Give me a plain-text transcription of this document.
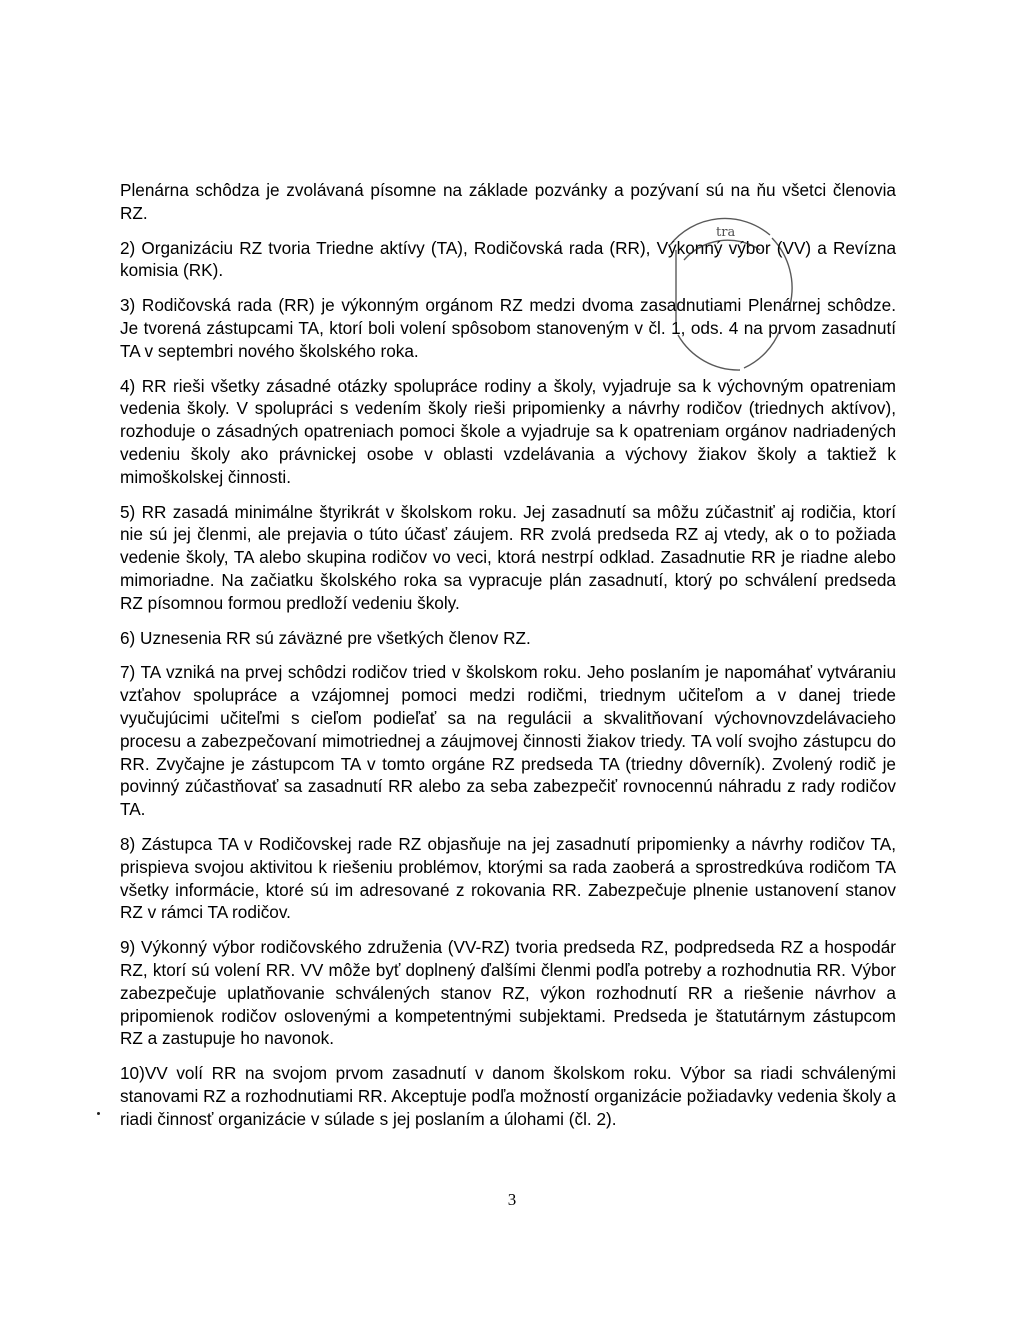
Plenárna schôdza je zvolávaná písomne na základe pozvánky a pozývaní sú na ňu všetci členovia RZ.

2) Organizáciu RZ tvoria Triedne aktívy (TA), Rodičovská rada (RR), Výkonný výbor (VV) a Revízna komisia (RK).

3) Rodičovská rada (RR) je výkonným orgánom RZ medzi dvoma zasadnutiami Plenárnej schôdze. Je tvorená zástupcami TA, ktorí boli volení spôsobom stanoveným v čl. 1, ods. 4 na prvom zasadnutí TA v septembri nového školského roka.

4) RR rieši všetky zásadné otázky spolupráce rodiny a školy, vyjadruje sa k výchovným opatreniam vedenia školy. V spolupráci s vedením školy rieši pripomienky a návrhy rodičov (triednych aktívov), rozhoduje o zásadných opatreniach pomoci škole a vyjadruje sa k opatreniam orgánov nadriadených vedeniu školy ako právnickej osobe v oblasti vzdelávania a výchovy žiakov školy a taktiež k mimoškolskej činnosti.

5) RR zasadá minimálne štyrikrát v školskom roku. Jej zasadnutí sa môžu zúčastniť aj rodičia, ktorí nie sú jej členmi, ale prejavia o túto účasť záujem. RR zvolá predseda RZ aj vtedy, ak o to požiada vedenie školy, TA alebo skupina rodičov vo veci, ktorá nestrpí odklad. Zasadnutie RR je riadne alebo mimoriadne. Na začiatku školského roka sa vypracuje plán zasadnutí, ktorý po schválení predseda RZ písomnou formou predloží vedeniu školy.

6) Uznesenia RR sú záväzné pre všetkých členov RZ.

7) TA vzniká na prvej schôdzi rodičov tried v školskom roku. Jeho poslaním je napomáhať vytváraniu vzťahov spolupráce a vzájomnej pomoci medzi rodičmi, triednym učiteľom a v danej triede vyučujúcimi učiteľmi s cieľom podieľať sa na regulácii a skvalitňovaní výchovnovzdelávacieho procesu a zabezpečovaní mimotriednej a záujmovej činnosti žiakov triedy. TA volí svojho zástupcu do RR. Zvyčajne je zástupcom TA v tomto orgáne RZ predseda TA (triedny dôverník). Zvolený rodič je povinný zúčastňovať sa zasadnutí RR alebo za seba zabezpečiť rovnocennú náhradu z rady rodičov TA.

8) Zástupca TA v Rodičovskej rade RZ objasňuje na jej zasadnutí pripomienky a návrhy rodičov TA, prispieva svojou aktivitou k riešeniu problémov, ktorými sa rada zaoberá a sprostredkúva rodičom TA všetky informácie, ktoré sú im adresované z rokovania RR. Zabezpečuje plnenie ustanovení stanov RZ v rámci TA rodičov.

9) Výkonný výbor rodičovského združenia (VV-RZ) tvoria predseda RZ, podpredseda RZ a hospodár RZ, ktorí sú volení RR. VV môže byť doplnený ďalšími členmi podľa potreby a rozhodnutia RR. Výbor zabezpečuje uplatňovanie schválených stanov RZ, výkon rozhodnutí RR a riešenie návrhov a pripomienok rodičov oslovenými a kompetentnými subjektami. Predseda je štatutárnym zástupcom RZ a zastupuje ho navonok.

10)VV volí RR na svojom prvom zasadnutí v danom školskom roku. Výbor sa riadi schválenými stanovami RZ a rozhodnutiami RR. Akceptuje podľa možností organizácie požiadavky vedenia školy a riadi činnosť organizácie v súlade s jej poslaním a úlohami (čl. 2).

tra
3
